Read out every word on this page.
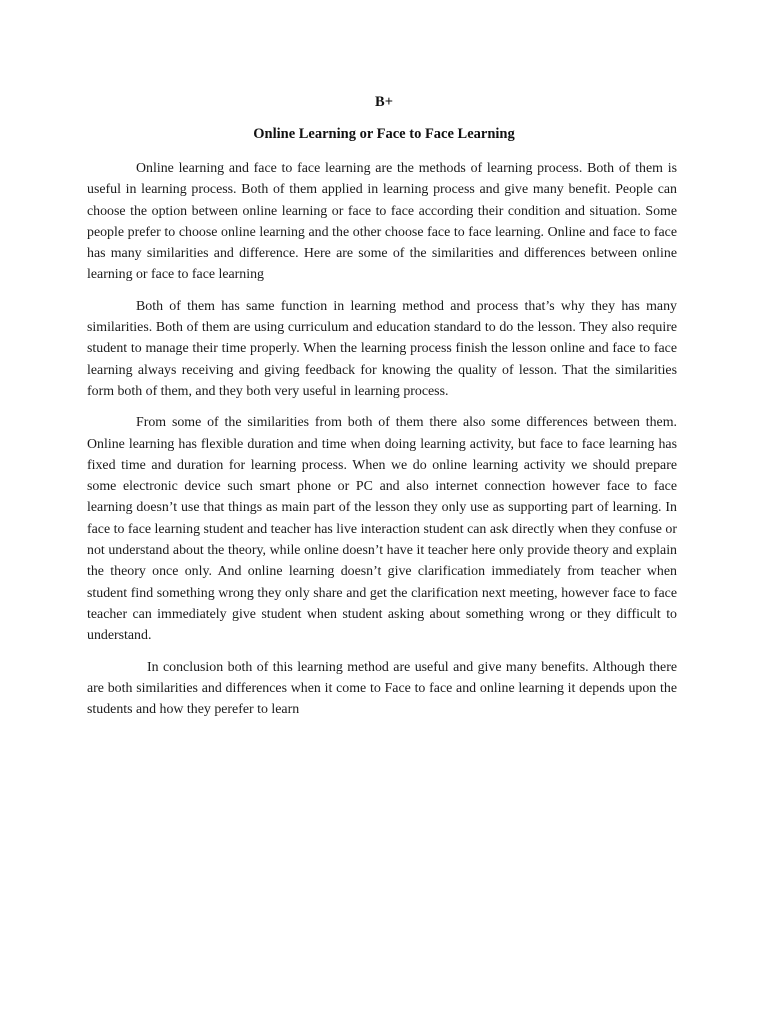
B+
Online Learning or Face to Face Learning

Online learning and face to face learning are the methods of learning process. Both of them is useful in learning process. Both of them applied in learning process and give many benefit. People can choose the option between online learning or face to face according their condition and situation. Some people prefer to choose online learning and the other choose face to face learning. Online and face to face has many similarities and difference. Here are some of the similarities and differences between online learning or face to face learning

Both of them has same function in learning method and process that’s why they has many similarities. Both of them are using curriculum and education standard to do the lesson. They also require student to manage their time properly. When the learning process finish the lesson online and face to face learning always receiving and giving feedback for knowing the quality of lesson. That the similarities form both of them, and they both very useful in learning process.

From some of the similarities from both of them there also some differences between them. Online learning has flexible duration and time when doing learning activity, but face to face learning has fixed time and duration for learning process. When we do online learning activity we should prepare some electronic device such smart phone or PC and also internet connection however face to face learning doesn’t use that things as main part of the lesson they only use as supporting part of learning. In face to face learning student and teacher has live interaction student can ask directly when they confuse or not understand about the theory, while online doesn’t have it teacher here only provide theory and explain the theory once only. And online learning doesn’t give clarification immediately from teacher when student find something wrong they only share and get the clarification next meeting, however face to face teacher can immediately give student when student asking about something wrong or they difficult to understand.

In conclusion both of this learning method are useful and give many benefits. Although there are both similarities and differences when it come to Face to face and online learning it depends upon the students and how they perefer to learn
